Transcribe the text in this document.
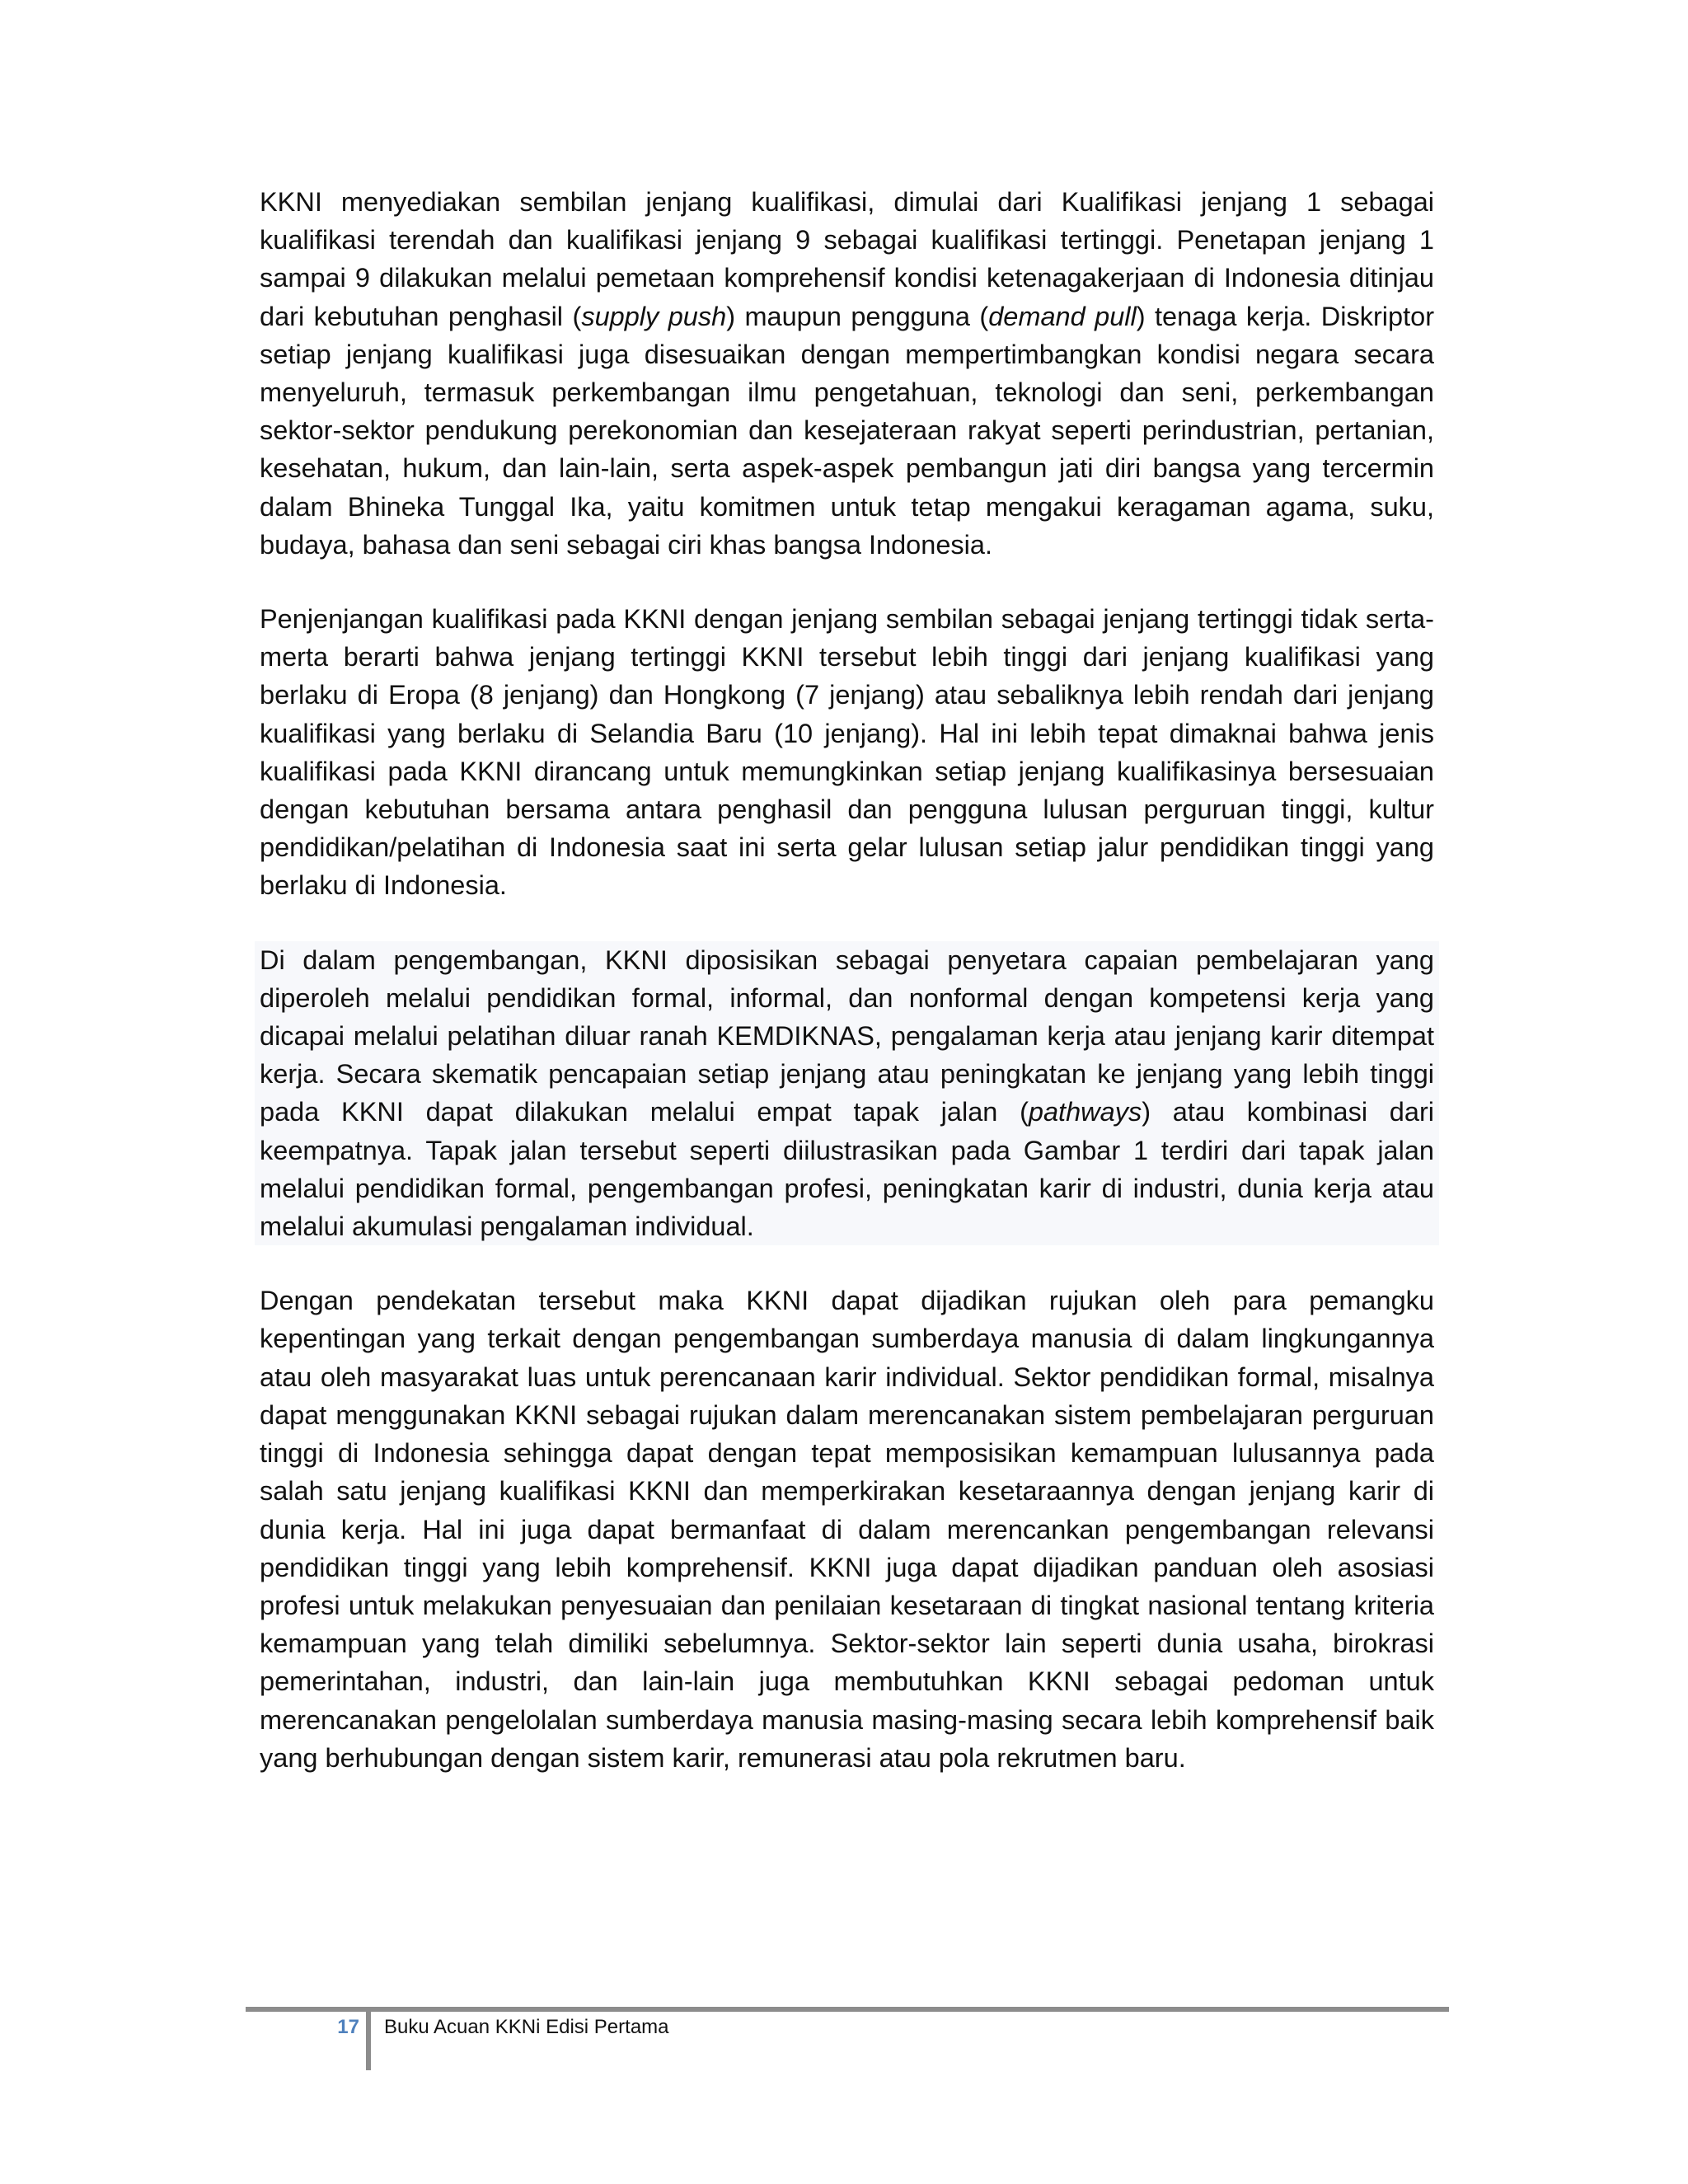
KKNI menyediakan sembilan jenjang kualifikasi, dimulai dari Kualifikasi jenjang 1 sebagai kualifikasi terendah dan kualifikasi jenjang 9 sebagai kualifikasi tertinggi. Penetapan jenjang 1 sampai 9 dilakukan melalui pemetaan komprehensif kondisi ketenagakerjaan di Indonesia ditinjau dari kebutuhan penghasil (supply push) maupun pengguna (demand pull) tenaga kerja. Diskriptor setiap jenjang kualifikasi juga disesuaikan dengan mempertimbangkan kondisi negara secara menyeluruh, termasuk perkembangan ilmu pengetahuan, teknologi dan seni, perkembangan sektor-sektor pendukung perekonomian dan kesejateraan rakyat seperti perindustrian, pertanian, kesehatan, hukum, dan lain-lain, serta aspek-aspek pembangun jati diri bangsa yang tercermin dalam Bhineka Tunggal Ika, yaitu komitmen untuk tetap mengakui keragaman agama, suku, budaya, bahasa dan seni sebagai ciri khas bangsa Indonesia.

Penjenjangan kualifikasi pada KKNI dengan jenjang sembilan sebagai jenjang tertinggi tidak serta-merta berarti bahwa jenjang tertinggi KKNI tersebut lebih tinggi dari jenjang kualifikasi yang berlaku di Eropa (8 jenjang) dan Hongkong (7 jenjang) atau sebaliknya lebih rendah dari jenjang kualifikasi yang berlaku di Selandia Baru (10 jenjang). Hal ini lebih tepat dimaknai bahwa jenis kualifikasi pada KKNI dirancang untuk memungkinkan setiap jenjang kualifikasinya bersesuaian dengan kebutuhan bersama antara penghasil dan pengguna lulusan perguruan tinggi, kultur pendidikan/pelatihan di Indonesia saat ini serta gelar lulusan setiap jalur pendidikan tinggi yang berlaku di Indonesia.

Di dalam pengembangan, KKNI diposisikan sebagai penyetara capaian pembelajaran yang diperoleh melalui pendidikan formal, informal, dan nonformal dengan kompetensi kerja yang dicapai melalui pelatihan diluar ranah KEMDIKNAS, pengalaman kerja atau jenjang karir ditempat kerja. Secara skematik pencapaian setiap jenjang atau peningkatan ke jenjang yang lebih tinggi pada KKNI dapat dilakukan melalui empat tapak jalan (pathways) atau kombinasi dari keempatnya. Tapak jalan tersebut seperti diilustrasikan pada Gambar 1 terdiri dari tapak jalan melalui pendidikan formal, pengembangan profesi, peningkatan karir di industri, dunia kerja atau melalui akumulasi pengalaman individual.

Dengan pendekatan tersebut maka KKNI dapat dijadikan rujukan oleh para pemangku kepentingan yang terkait dengan pengembangan sumberdaya manusia di dalam lingkungannya atau oleh masyarakat luas untuk perencanaan karir individual. Sektor pendidikan formal, misalnya dapat menggunakan KKNI sebagai rujukan dalam merencanakan sistem pembelajaran perguruan tinggi di Indonesia sehingga dapat dengan tepat memposisikan kemampuan lulusannya pada salah satu jenjang kualifikasi KKNI dan memperkirakan kesetaraannya dengan jenjang karir di dunia kerja. Hal ini juga dapat bermanfaat di dalam merencankan pengembangan relevansi pendidikan tinggi yang lebih komprehensif. KKNI juga dapat dijadikan panduan oleh asosiasi profesi untuk melakukan penyesuaian dan penilaian kesetaraan di tingkat nasional tentang kriteria kemampuan yang telah dimiliki sebelumnya. Sektor-sektor lain seperti dunia usaha, birokrasi pemerintahan, industri, dan lain-lain juga membutuhkan KKNI sebagai pedoman untuk merencanakan pengelolalan sumberdaya manusia masing-masing secara lebih komprehensif baik yang berhubungan dengan sistem karir, remunerasi atau pola rekrutmen baru.

17 Buku Acuan KKNi Edisi Pertama
